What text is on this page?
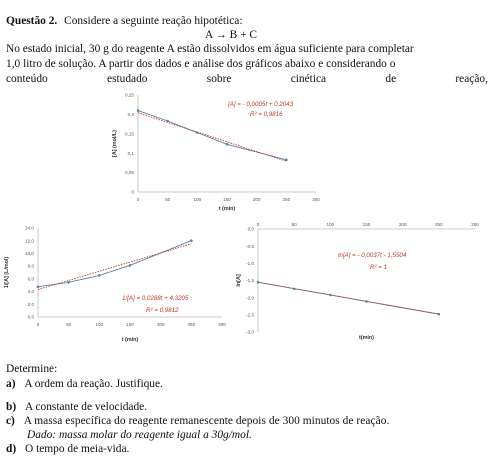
Questão 2. Considere a seguinte reação hipotética:
A → B + C
No estado inicial, 30 g do reagente A estão dissolvidos em água suficiente para completar
1,0 litro de solução. A partir dos dados e análise dos gráficos abaixo e considerando o
conteúdo	estudado	sobre	cinética	de	reação,
0	50	100	150	200	250	300
0
0,05
0,1
0,15
0,2
0,25
t (min)
[A] (mol/L)
[A] = - 0,0005t + 0,2043
R² = 0,9816
0	50	100	150	200	250	300
0,0
2,0
4,0
6,0
8,0
10,0
12,0
14,0
t (min)
1/[A] (L/mol)
1/[A] = 0,0288t + 4,3205
R² = 0,9812
0	50	100	150	200	250	300
0,0
-0,5
-1,0
-1,5
-2,0
-2,5
-3,0
t(min)
ln[A]
ln[A] = - 0,0037t - 1,5504
R² = 1
Determine:
a) A ordem da reação. Justifique.
b) A constante de velocidade.
c) A massa específica do reagente remanescente depois de 300 minutos de reação.
Dado: massa molar do reagente igual a 30g/mol.
d) O tempo de meia-vida.
